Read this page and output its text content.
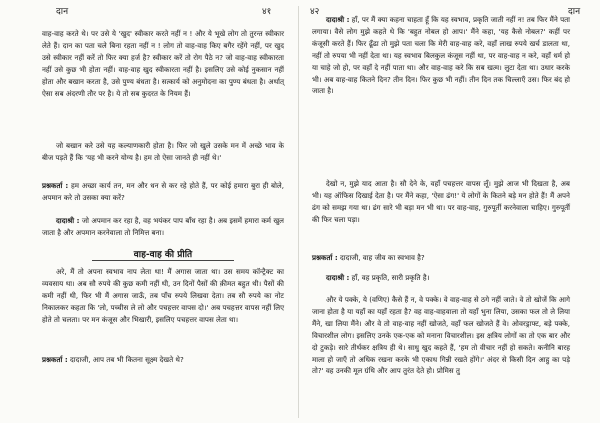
दान	४१
वाह-वाह करते थे। पर उसे ये 'खुद' स्वीकार करते नहीं न ! और ये भूखे लोग तो तुरन्त स्वीकार लेते हैं। दान का पता चले बिना रहता नहीं न ! लोग तो वाह-वाह किए बगैर रहेंगे नहीं, पर खुद उसे स्वीकार नहीं करें तो फिर क्या हर्ज है? स्वीकार करें तो रोग पैठे न? जो वाह-वाह स्वीकारता नहीं उसे कुछ भी होता नहीं। वाह-वाह खुद स्वीकारता नहीं है। इसलिए उसे कोई नुकसान नहीं होता और बखान करता है, उसे पुण्य बंधता है। सत्कार्य को अनुमोदना का पुण्य बंधता है। अर्थात् ऐसा सब अंदरणी तौर पर है। ये तो सब कुदरत के नियम हैं।
जो बखान करे उसे यह कल्याणकारी होता है। फिर जो खुले उसके मन में अच्छे भाव के बीज पड़ते हैं कि 'यह भी करने योग्य है। हम तो ऐसा जानते ही नहीं थे।'
प्रश्नकर्ता : हम अच्छा कार्य तन, मन और धन से कर रहे होते हैं, पर कोई हमारा बुरा ही बोले, अपमान करे तो उसका क्या करें?
दादाश्री : जो अपमान कर रहा है, वह भयंकर पाप बाँध रहा है। अब इसमें हमारा कर्म खुल जाता है और अपमान करनेवाला तो निमित्त बना।
वाह-वाह की प्रीति
अरे, मैं तो अपना स्वभाव नाप लेता था! मैं अगास जाता था। उस समय कॉन्ट्रैक्ट का व्यवसाय था। अब सौ रुपये की कुछ कमी नहीं थी, उन दिनों पैसों की क़ीमत बहुत थी। पैसों की कमी नहीं थी, फिर भी मैं अगास जाऊँ, तब पाँच रुपये लिखवा देता। तब सौ रुपये का नोट निकालकर कहता कि 'लो, पच्चीस ले लो और पचहत्तर वापस दो।' अब पचहत्तर वापस नहीं लिए होते तो चलता। पर मन कंजूस और भिखारी, इसलिए पचहत्तर वापस लेता था।
प्रश्नकर्ता : दादाजी, आप तब भी कितना सूक्ष्म देखते थे?
४२	दान
दादाश्री : हाँ, पर मैं क्या कहना चाहता हूँ कि यह स्वभाव, प्रकृति जाती नहीं न! तब फिर मैंने पता लगाया। वैसे लोग मुझे कहते थे कि 'बहुत नोबल हो आप।' मैंने कहा, 'यह कैसे नोबल?' कहीं पर कंजूसी करते हैं। फिर ढूँढा तो मुझे पता चला कि मेरी वाह-वाह करे, वहाँ लाख रुपये खर्च डालता था, नहीं तो रुपया भी नहीं देता था। यह स्वभाव बिलकुल कंजूस नहीं था, पर वाह-वाह न करे, वहाँ धर्म हो या चाहे जो हो, पर वहाँ दे नहीं पाता था। और वाह-वाह करे कि सब खत्म। लुटा देता था। उधार करके भी। अब वाह-वाह कितने दिन? तीन दिन। फिर कुछ भी नहीं। तीन दिन तक चिल्लाएँ उस। फिर बंद हो जाता है।
देखो न, मुझे याद आता है। सौ देने के, वहाँ पचहत्तर वापस लूँ। मुझे आज भी दिखता है, अब भी। यह ऑफिस दिखाई देता है। पर मैंने कहा, 'ऐसा ढंग!' ये लोगों के कितने बड़े मन होते हैं! मैं अपने ढंग को समझ गया था। ढंग सारे भी बड़ा मन भी था। पर वाह-वाह, गुरुपूर्ती करनेवाला चाहिए। गुरुपूर्ती की फिर चला पड़ा।
प्रश्नकर्ता : दादाजी, वाह जीव का स्वभाव है?
दादाश्री : हाँ, वह प्रकृति, सारी प्रकृति है।
और ये पक्के, ये (वणिए) कैसे हैं न, वे पक्के। वे वाह-वाह से ठगे नहीं जाते। वे तो खोजें कि आगे जाना होता है या यहाँ का यहाँ रहता है? वह वाह-वाहवाला तो यहाँ भुना लिया, उसका फल तो ले लिया मैंने, खा लिया मैंने। और वे तो वाह-वाह नहीं खोजते, वहाँ फल खोजते हैं वे। ओवरड्राफ्ट, बड़े पक्के, विचारशील लोग। इसलिए उनके एक-एक को मनाना विचारशील। इस क्षत्रिय लोगों का तो एक बार और दो टुकड़े। सारे तीर्थंकर क्षत्रिय ही थे। साधु खुद कहते हैं, 'हम तो वीचार नहीं हो सकते। कनीनि बारह माला हो जाएँ तो अधिक रखना करके भी एकाध गिन्नी रखते होंगे।' अंदर से किसी दिन आहु का पड़े तो?' वह उनकी मूल ग्रंथि और आप तुरंत देते हो। प्रोमिस तु
